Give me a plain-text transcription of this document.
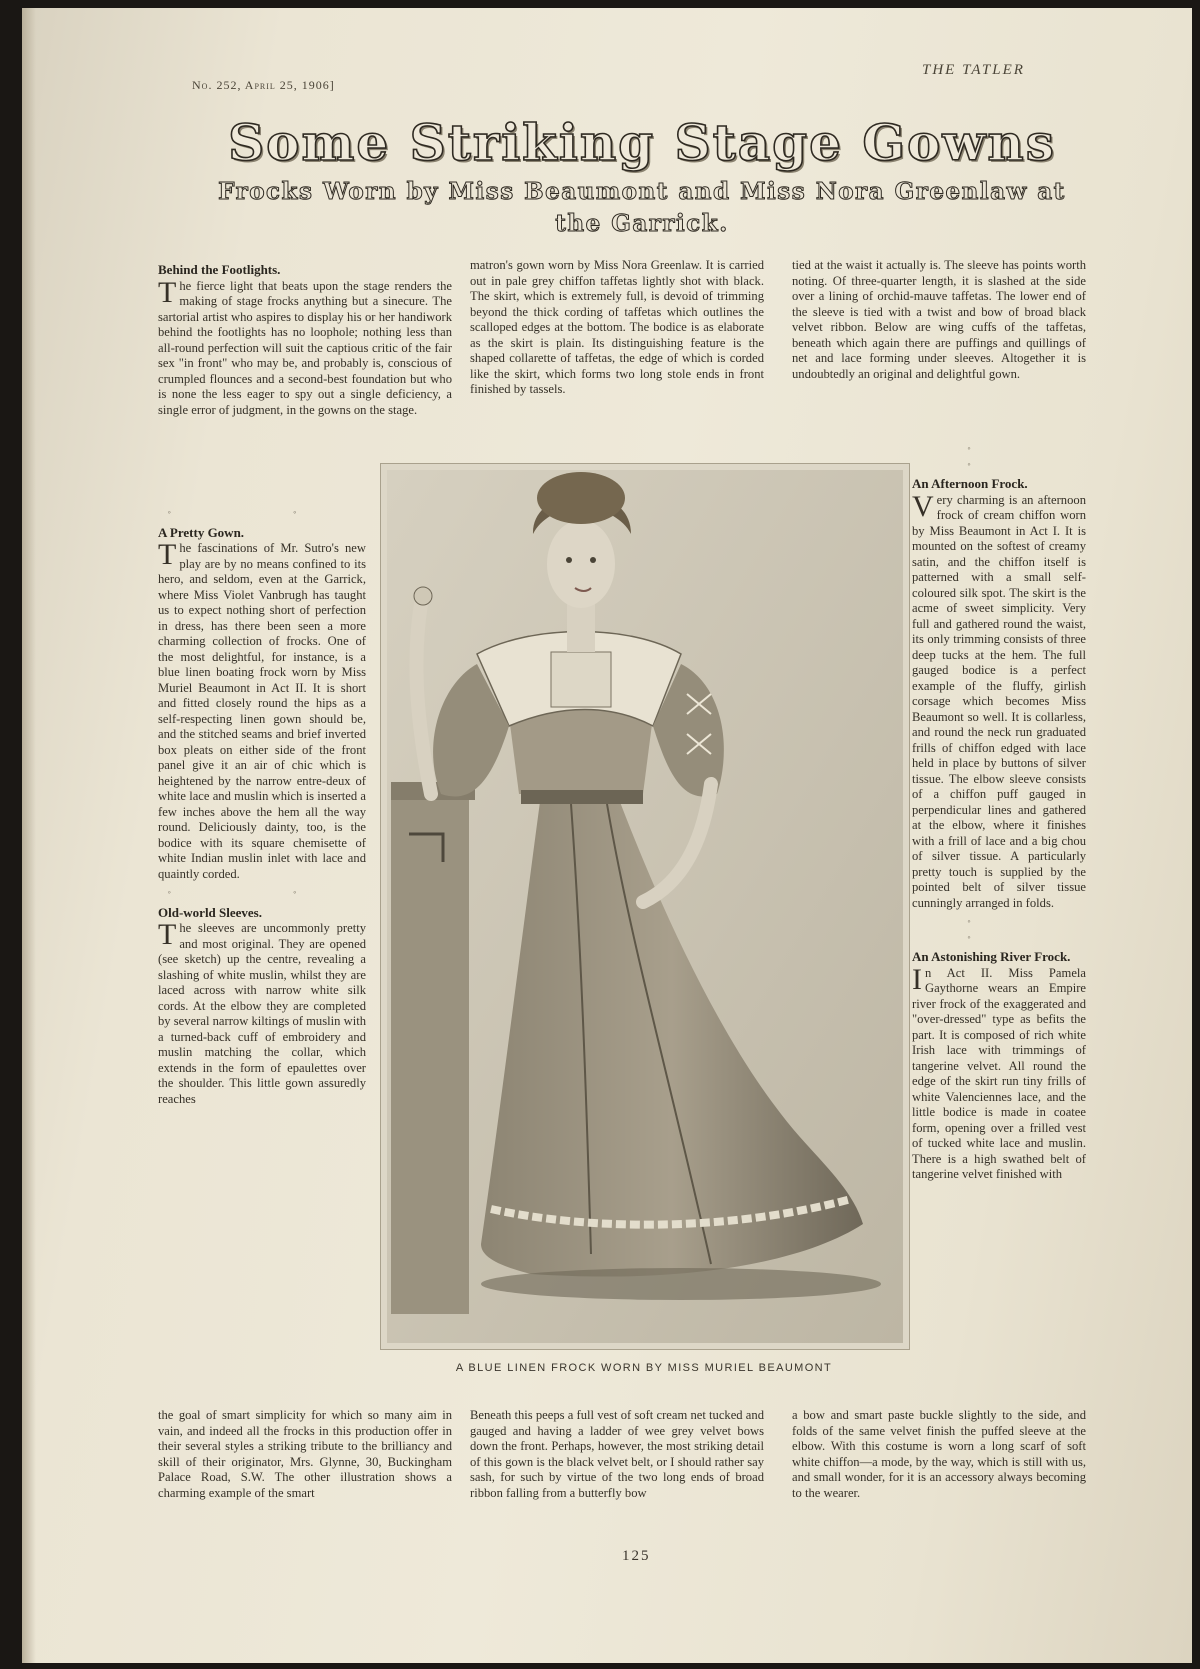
No. 252, April 25, 1906]
THE TATLER
Some Striking Stage Gowns
Frocks Worn by Miss Beaumont and Miss Nora Greenlaw at the Garrick.
Behind the Footlights.

The fierce light that beats upon the stage renders the making of stage frocks anything but a sinecure. The sartorial artist who aspires to display his or her handiwork behind the footlights has no loophole; nothing less than all-round perfection will suit the captious critic of the fair sex "in front" who may be, and probably is, conscious of crumpled flounces and a second-best foundation but who is none the less eager to spy out a single deficiency, a single error of judgment, in the gowns on the stage.

◦ ◦
A Pretty Gown.

The fascinations of Mr. Sutro's new play are by no means confined to its hero, and seldom, even at the Garrick, where Miss Violet Vanbrugh has taught us to expect nothing short of perfection in dress, has there been seen a more charming collection of frocks. One of the most delightful, for instance, is a blue linen boating frock worn by Miss Muriel Beaumont in Act II. It is short and fitted closely round the hips as a self-respecting linen gown should be, and the stitched seams and brief inverted box pleats on either side of the front panel give it an air of chic which is heightened by the narrow entre-deux of white lace and muslin which is inserted a few inches above the hem all the way round. Deliciously dainty, too, is the bodice with its square chemisette of white Indian muslin inlet with lace and quaintly corded.

◦ ◦
Old-world Sleeves.

The sleeves are uncommonly pretty and most original. They are opened (see sketch) up the centre, revealing a slashing of white muslin, whilst they are laced across with narrow white silk cords. At the elbow they are completed by several narrow kiltings of muslin with a turned-back cuff of embroidery and muslin matching the collar, which extends in the form of epaulettes over the shoulder. This little gown assuredly reaches

the goal of smart simplicity for which so many aim in vain, and indeed all the frocks in this production offer in their several styles a striking tribute to the brilliancy and skill of their originator, Mrs. Glynne, 30, Buckingham Palace Road, S.W. The other illustration shows a charming example of the smart

matron's gown worn by Miss Nora Greenlaw. It is carried out in pale grey chiffon taffetas lightly shot with black. The skirt, which is extremely full, is devoid of trimming beyond the thick cording of taffetas which outlines the scalloped edges at the bottom. The bodice is as elaborate as the skirt is plain. Its distinguishing feature is the shaped collarette of taffetas, the edge of which is corded like the skirt, which forms two long stole ends in front finished by tassels.

Beneath this peeps a full vest of soft cream net tucked and gauged and having a ladder of wee grey velvet bows down the front. Perhaps, however, the most striking detail of this gown is the black velvet belt, or I should rather say sash, for such by virtue of the two long ends of broad ribbon falling from a butterfly bow

tied at the waist it actually is. The sleeve has points worth noting. Of three-quarter length, it is slashed at the side over a lining of orchid-mauve taffetas. The lower end of the sleeve is tied with a twist and bow of broad black velvet ribbon. Below are wing cuffs of the taffetas, beneath which again there are puffings and quillings of net and lace forming under sleeves. Altogether it is undoubtedly an original and delightful gown.

◦ ◦
An Afternoon Frock.

Very charming is an afternoon frock of cream chiffon worn by Miss Beaumont in Act I. It is mounted on the softest of creamy satin, and the chiffon itself is patterned with a small self-coloured silk spot. The skirt is the acme of sweet simplicity. Very full and gathered round the waist, its only trimming consists of three deep tucks at the hem. The full gauged bodice is a perfect example of the fluffy, girlish corsage which becomes Miss Beaumont so well. It is collarless, and round the neck run graduated frills of chiffon edged with lace held in place by buttons of silver tissue. The elbow sleeve consists of a chiffon puff gauged in perpendicular lines and gathered at the elbow, where it finishes with a frill of lace and a big chou of silver tissue. A particularly pretty touch is supplied by the pointed belt of silver tissue cunningly arranged in folds.

◦ ◦
An Astonishing River Frock.

In Act II. Miss Pamela Gaythorne wears an Empire river frock of the exaggerated and "over-dressed" type as befits the part. It is composed of rich white Irish lace with trimmings of tangerine velvet. All round the edge of the skirt run tiny frills of white Valenciennes lace, and the little bodice is made in coatee form, opening over a frilled vest of tucked white lace and muslin. There is a high swathed belt of tangerine velvet finished with

a bow and smart paste buckle slightly to the side, and folds of the same velvet finish the puffed sleeve at the elbow. With this costume is worn a long scarf of soft white chiffon—a mode, by the way, which is still with us, and small wonder, for it is an accessory always becoming to the wearer.

A BLUE LINEN FROCK WORN BY MISS MURIEL BEAUMONT
125
